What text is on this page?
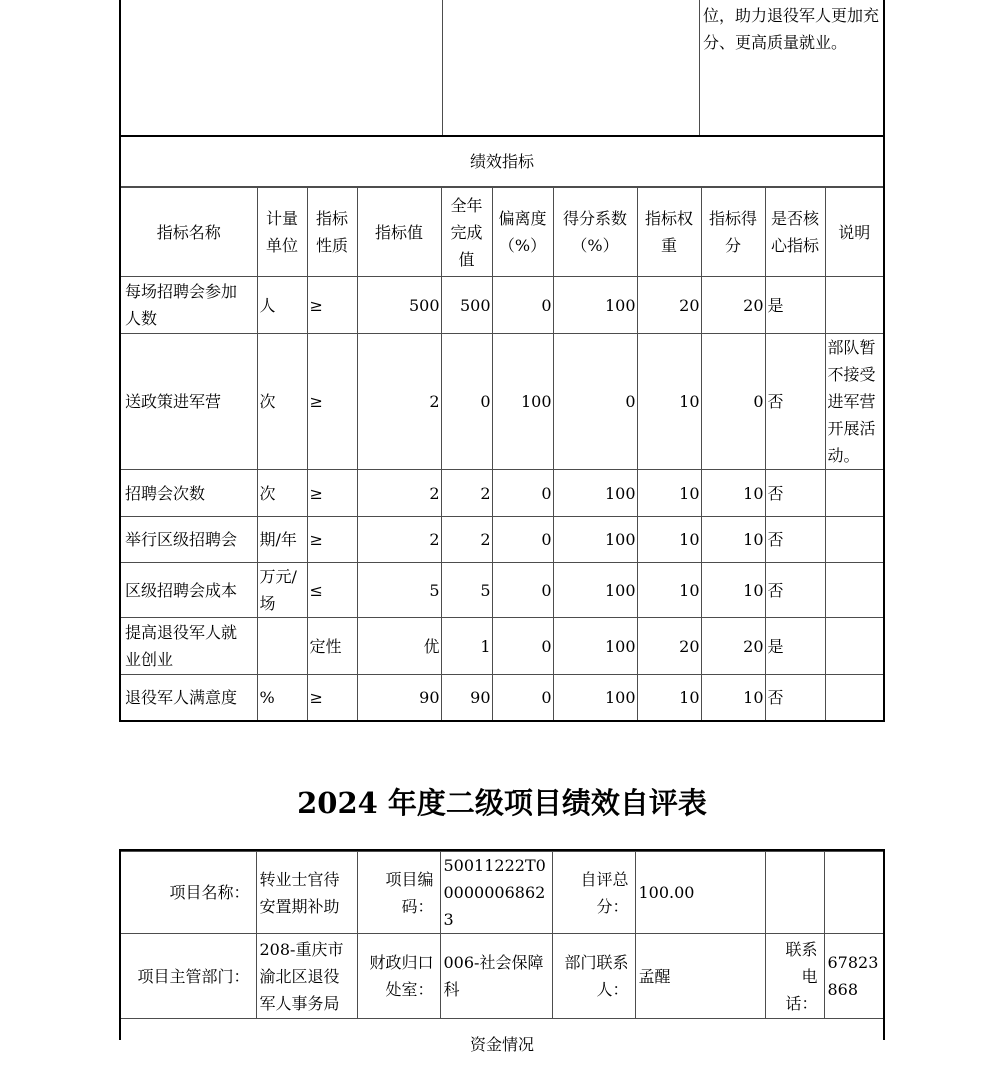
位，助力退役军人更加充分、更高质量就业。
绩效指标
指标名称	计量单位	指标性质	指标值	全年完成值	偏离度（%）	得分系数（%）	指标权重	指标得分	是否核心指标	说明
每场招聘会参加人数	人	≥	500	500	0	100	20	20	是	
送政策进军营	次	≥	2	0	100	0	10	0	否	部队暂不接受进军营开展活动。
招聘会次数	次	≥	2	2	0	100	10	10	否	
举行区级招聘会	期/年	≥	2	2	0	100	10	10	否	
区级招聘会成本	万元/场	≤	5	5	0	100	10	10	否	
提高退役军人就业创业		定性	优	1	0	100	20	20	是	
退役军人满意度	%	≥	90	90	0	100	10	10	否	
2024 年度二级项目绩效自评表
项目名称：	转业士官待安置期补助	项目编码：	50011222T000000068623	自评总分：	100.00		
项目主管部门：	208-重庆市渝北区退役军人事务局	财政归口处室：	006-社会保障科	部门联系人：	孟醒	联系电话：	67823868
资金情况							
